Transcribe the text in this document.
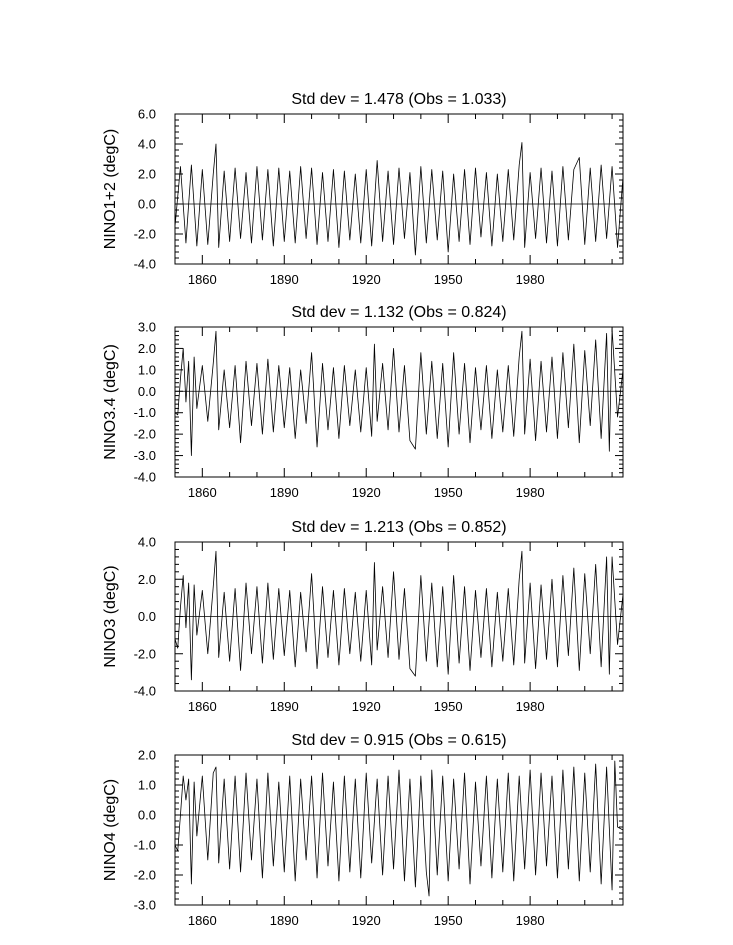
Std dev = 1.478 (Obs = 1.033)
NINO1+2 (degC)
-4.0
-2.0
0.0
2.0
4.0
6.0
1860	1890	1920	1950	1980
Std dev = 1.132 (Obs = 0.824)
NINO3.4 (degC)
-4.0
-3.0
-2.0
-1.0
0.0
1.0
2.0
3.0
1860	1890	1920	1950	1980
Std dev = 1.213 (Obs = 0.852)
NINO3 (degC)
-4.0
-2.0
0.0
2.0
4.0
1860	1890	1920	1950	1980
Std dev = 0.915 (Obs = 0.615)
NINO4 (degC)
-3.0
-2.0
-1.0
0.0
1.0
2.0
1860	1890	1920	1950	1980
